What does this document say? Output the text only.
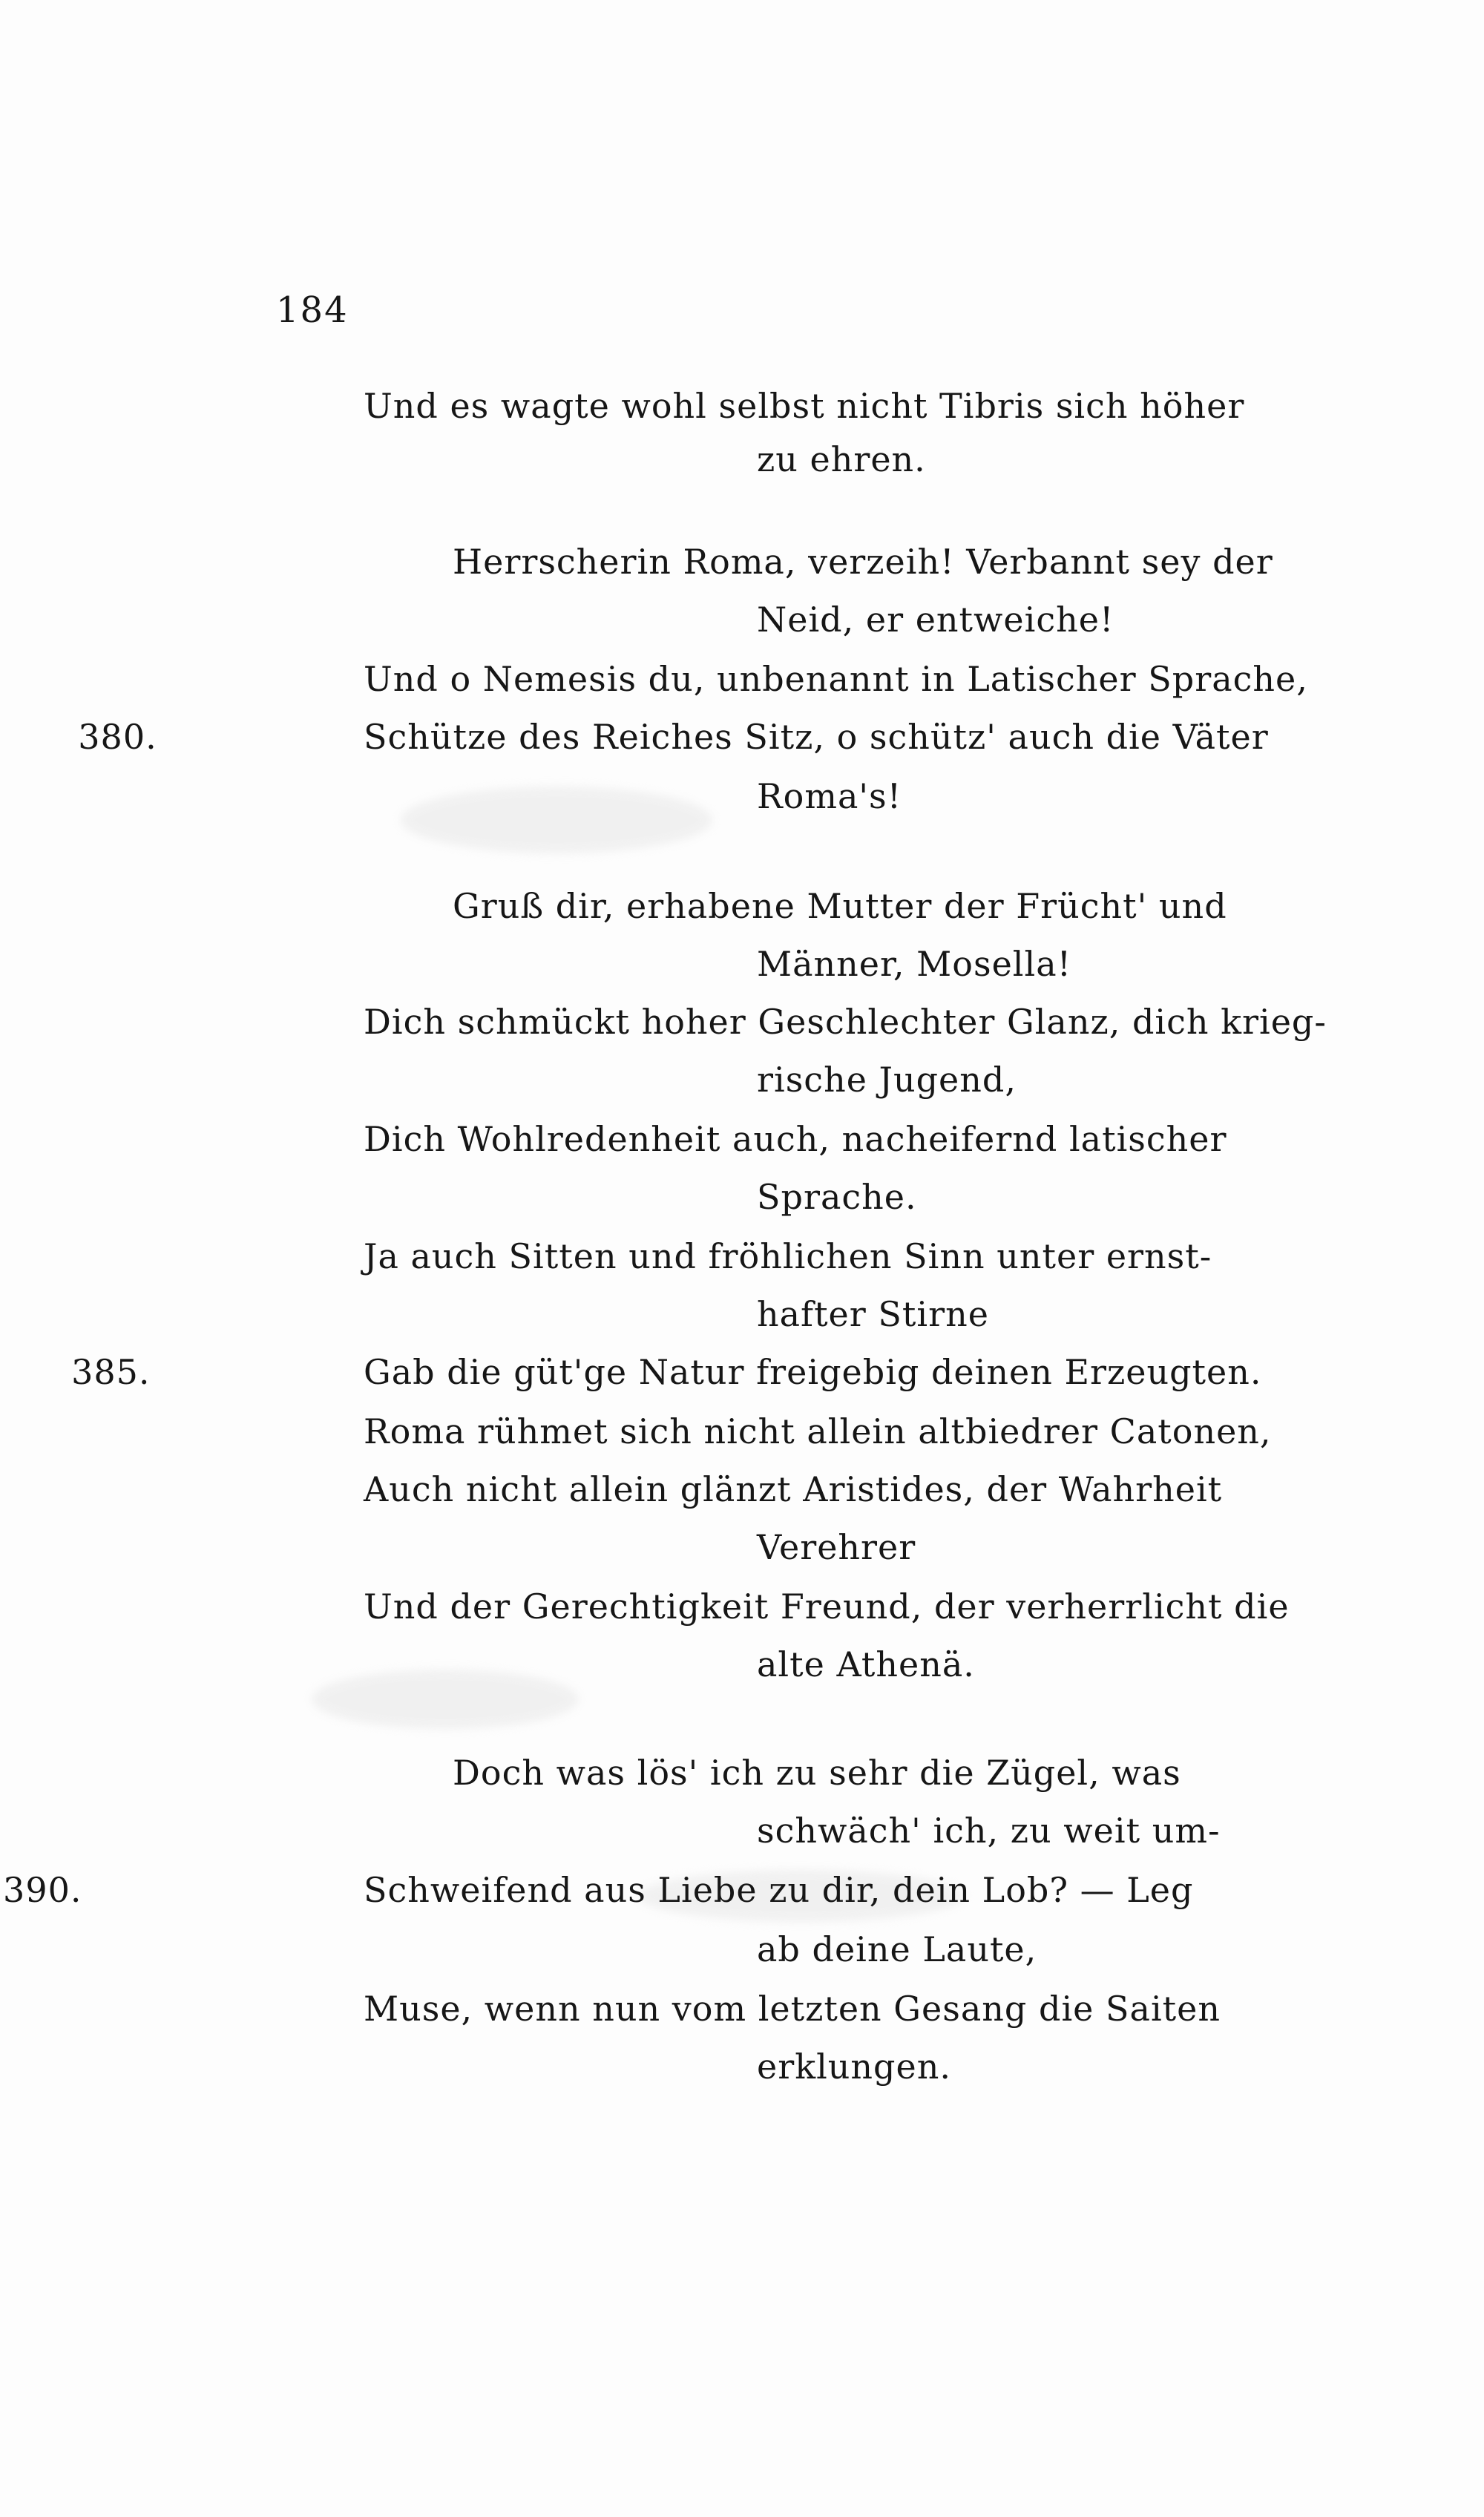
184
Und es wagte wohl selbst nicht Tibris sich höher
zu ehren.
Herrscherin Roma, verzeih! Verbannt sey der
Neid, er entweiche!
Und o Nemesis du, unbenannt in Latischer Sprache,
380.	Schütze des Reiches Sitz, o schütz' auch die Väter
Roma's!
Gruß dir, erhabene Mutter der Frücht' und
Männer, Mosella!
Dich schmückt hoher Geschlechter Glanz, dich krieg-
rische Jugend,
Dich Wohlredenheit auch, nacheifernd latischer
Sprache.
Ja auch Sitten und fröhlichen Sinn unter ernst-
hafter Stirne
385.	Gab die güt'ge Natur freigebig deinen Erzeugten.
Roma rühmet sich nicht allein altbiedrer Catonen,
Auch nicht allein glänzt Aristides, der Wahrheit
Verehrer
Und der Gerechtigkeit Freund, der verherrlicht die
alte Athenä.
Doch was lös' ich zu sehr die Zügel, was
schwäch' ich, zu weit um-
390.	Schweifend aus Liebe zu dir, dein Lob? — Leg
ab deine Laute,
Muse, wenn nun vom letzten Gesang die Saiten
erklungen.
